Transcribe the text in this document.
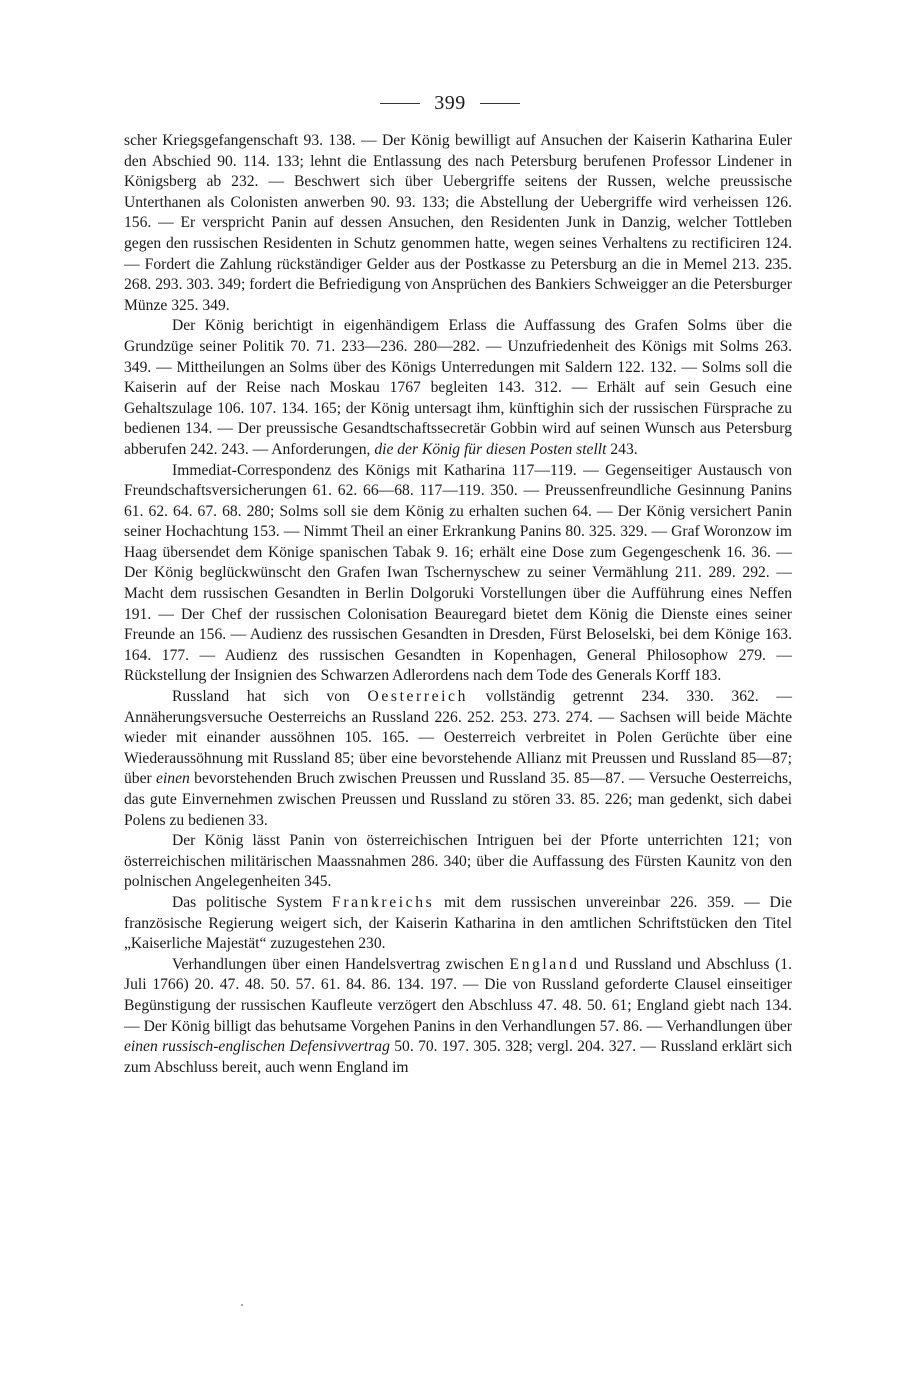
399

scher Kriegsgefangenschaft 93. 138. — Der König bewilligt auf Ansuchen der Kaiserin Katharina Euler den Abschied 90. 114. 133; lehnt die Entlassung des nach Petersburg berufenen Professor Lindener in Königsberg ab 232. — Beschwert sich über Uebergriffe seitens der Russen, welche preussische Unterthanen als Colonisten anwerben 90. 93. 133; die Abstellung der Uebergriffe wird verheissen 126. 156. — Er verspricht Panin auf dessen Ansuchen, den Residenten Junk in Danzig, welcher Tottleben gegen den russischen Residenten in Schutz genommen hatte, wegen seines Verhaltens zu rectificiren 124. — Fordert die Zahlung rückständiger Gelder aus der Postkasse zu Petersburg an die in Memel 213. 235. 268. 293. 303. 349; fordert die Befriedigung von Ansprüchen des Bankiers Schweigger an die Petersburger Münze 325. 349.

Der König berichtigt in eigenhändigem Erlass die Auffassung des Grafen Solms über die Grundzüge seiner Politik 70. 71. 233—236. 280—282. — Unzufriedenheit des Königs mit Solms 263. 349. — Mittheilungen an Solms über des Königs Unterredungen mit Saldern 122. 132. — Solms soll die Kaiserin auf der Reise nach Moskau 1767 begleiten 143. 312. — Erhält auf sein Gesuch eine Gehaltszulage 106. 107. 134. 165; der König untersagt ihm, künftighin sich der russischen Fürsprache zu bedienen 134. — Der preussische Gesandtschaftssecretär Gobbin wird auf seinen Wunsch aus Petersburg abberufen 242. 243. — Anforderungen, die der König für diesen Posten stellt 243.

Immediat-Correspondenz des Königs mit Katharina 117—119. — Gegenseitiger Austausch von Freundschaftsversicherungen 61. 62. 66—68. 117—119. 350. — Preussenfreundliche Gesinnung Panins 61. 62. 64. 67. 68. 280; Solms soll sie dem König zu erhalten suchen 64. — Der König versichert Panin seiner Hochachtung 153. — Nimmt Theil an einer Erkrankung Panins 80. 325. 329. — Graf Woronzow im Haag übersendet dem Könige spanischen Tabak 9. 16; erhält eine Dose zum Gegengeschenk 16. 36. — Der König beglückwünscht den Grafen Iwan Tschernyschew zu seiner Vermählung 211. 289. 292. — Macht dem russischen Gesandten in Berlin Dolgoruki Vorstellungen über die Aufführung eines Neffen 191. — Der Chef der russischen Colonisation Beauregard bietet dem König die Dienste eines seiner Freunde an 156. — Audienz des russischen Gesandten in Dresden, Fürst Beloselski, bei dem Könige 163. 164. 177. — Audienz des russischen Gesandten in Kopenhagen, General Philosophow 279. — Rückstellung der Insignien des Schwarzen Adlerordens nach dem Tode des Generals Korff 183.

Russland hat sich von Oesterreich vollständig getrennt 234. 330. 362. — Annäherungsversuche Oesterreichs an Russland 226. 252. 253. 273. 274. — Sachsen will beide Mächte wieder mit einander aussöhnen 105. 165. — Oesterreich verbreitet in Polen Gerüchte über eine Wiederaussöhnung mit Russland 85; über eine bevorstehende Allianz mit Preussen und Russland 85—87; über einen bevorstehenden Bruch zwischen Preussen und Russland 35. 85—87. — Versuche Oesterreichs, das gute Einvernehmen zwischen Preussen und Russland zu stören 33. 85. 226; man gedenkt, sich dabei Polens zu bedienen 33.

Der König lässt Panin von österreichischen Intriguen bei der Pforte unterrichten 121; von österreichischen militärischen Maassnahmen 286. 340; über die Auffassung des Fürsten Kaunitz von den polnischen Angelegenheiten 345.

Das politische System Frankreichs mit dem russischen unvereinbar 226. 359. — Die französische Regierung weigert sich, der Kaiserin Katharina in den amtlichen Schriftstücken den Titel „Kaiserliche Majestät“ zuzugestehen 230.

Verhandlungen über einen Handelsvertrag zwischen England und Russland und Abschluss (1. Juli 1766) 20. 47. 48. 50. 57. 61. 84. 86. 134. 197. — Die von Russland geforderte Clausel einseitiger Begünstigung der russischen Kaufleute verzögert den Abschluss 47. 48. 50. 61; England giebt nach 134. — Der König billigt das behutsame Vorgehen Panins in den Verhandlungen 57. 86. — Verhandlungen über einen russisch-englischen Defensivvertrag 50. 70. 197. 305. 328; vergl. 204. 327. — Russland erklärt sich zum Abschluss bereit, auch wenn England im
